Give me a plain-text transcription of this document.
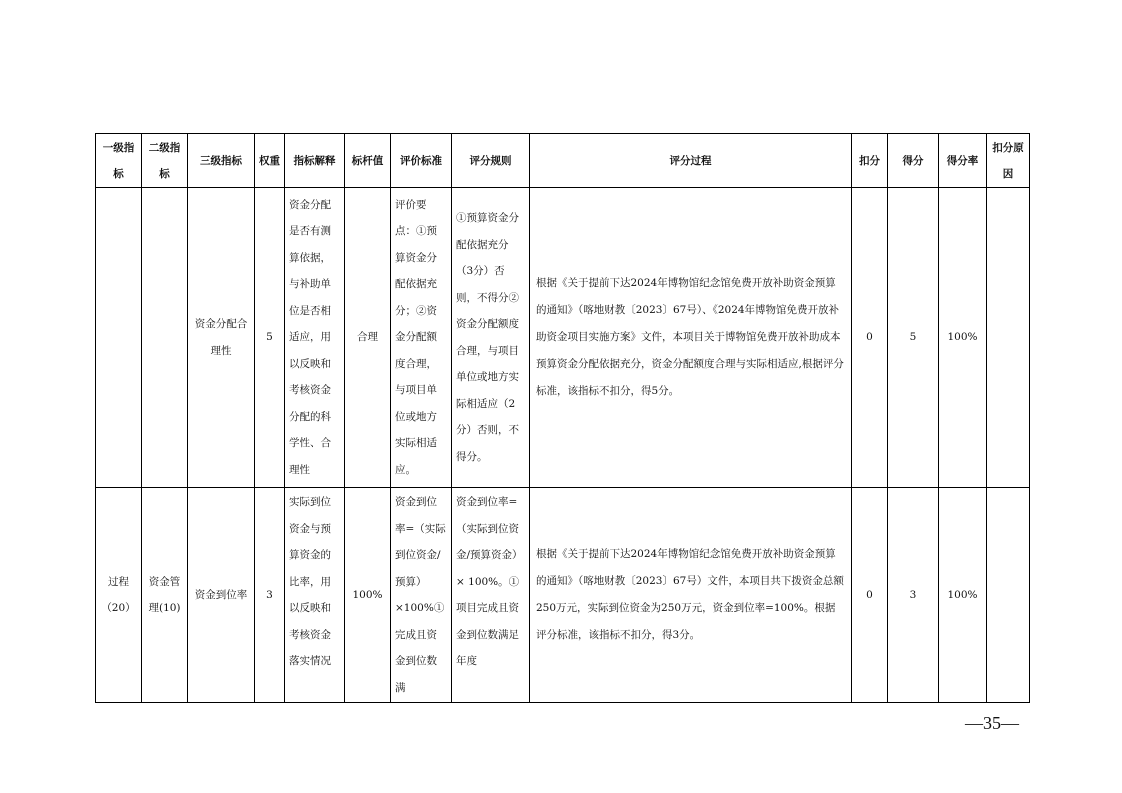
一级指标	二级指标	三级指标	权重	指标解释	标杆值	评价标准	评分规则	评分过程	扣分	得分	得分率	扣分原因
		资金分配合理性	5	资金分配是否有测算依据，与补助单位是否相适应，用以反映和考核资金分配的科学性、合理性	合理	评价要点：①预算资金分配依据充分；②资金分配额度合理，与项目单位或地方实际相适应。	①预算资金分配依据充分（3分）否则，不得分②资金分配额度合理，与项目单位或地方实际相适应（2分）否则，不得分。	根据《关于提前下达2024年博物馆纪念馆免费开放补助资金预算的通知》（喀地财教〔2023〕67号）、《2024年博物馆免费开放补助资金项目实施方案》文件，本项目关于博物馆免费开放补助成本预算资金分配依据充分，资金分配额度合理与实际相适应,根据评分标准，该指标不扣分，得5分。	0	5	100%	
过程（20）	资金管理(10)	资金到位率	3	实际到位资金与预算资金的比率，用以反映和考核资金落实情况	100%	资金到位率=（实际到位资金/预算）×100%①完成且资金到位数满	资金到位率=（实际到位资金/预算资金）× 100%。①项目完成且资金到位数满足年度	根据《关于提前下达2024年博物馆纪念馆免费开放补助资金预算的通知》（喀地财教〔2023〕67号）文件，本项目共下拨资金总额250万元，实际到位资金为250万元，资金到位率=100%。根据评分标准，该指标不扣分，得3分。	0	3	100%	
—35—
